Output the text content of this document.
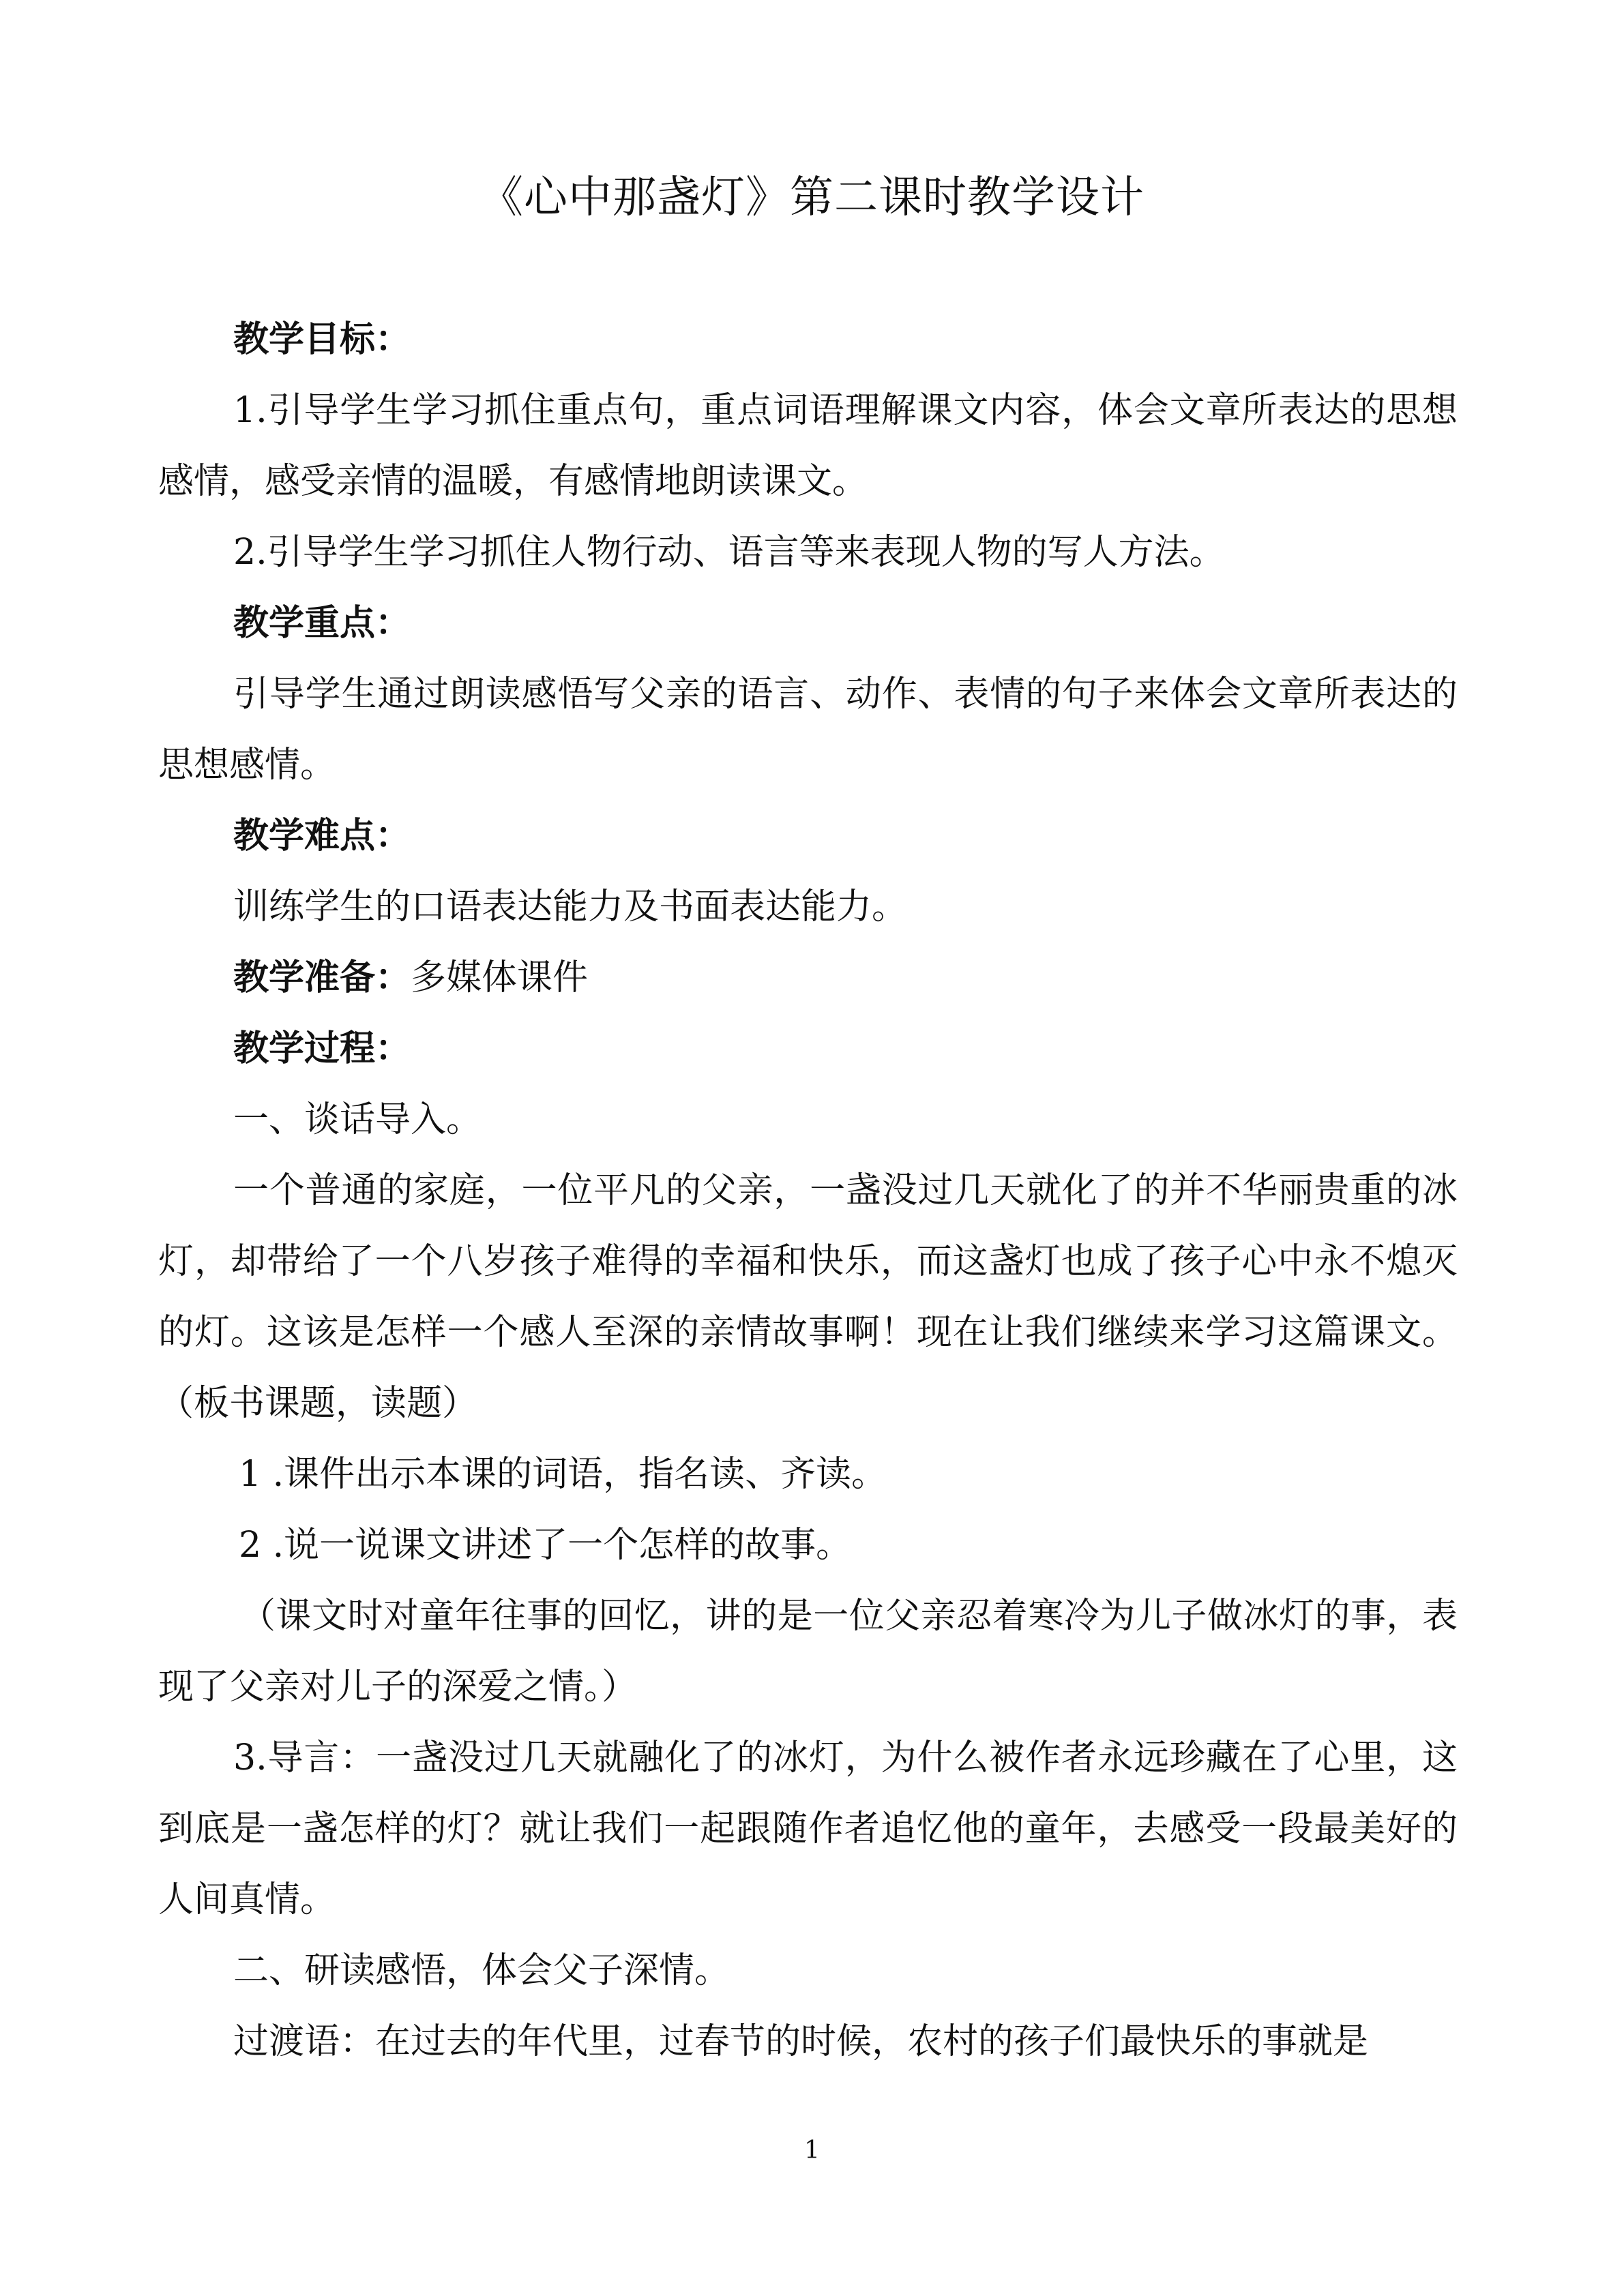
《心中那盏灯》第二课时教学设计

教学目标：

1.引导学生学习抓住重点句，重点词语理解课文内容，体会文章所表达的思想感情，感受亲情的温暖，有感情地朗读课文。

2.引导学生学习抓住人物行动、语言等来表现人物的写人方法。

教学重点：

引导学生通过朗读感悟写父亲的语言、动作、表情的句子来体会文章所表达的思想感情。

教学难点：

训练学生的口语表达能力及书面表达能力。

教学准备：多媒体课件

教学过程：

一、谈话导入。

一个普通的家庭，一位平凡的父亲，一盏没过几天就化了的并不华丽贵重的冰灯，却带给了一个八岁孩子难得的幸福和快乐，而这盏灯也成了孩子心中永不熄灭的灯。这该是怎样一个感人至深的亲情故事啊！现在让我们继续来学习这篇课文。（板书课题，读题）

1 .课件出示本课的词语，指名读、齐读。

2 .说一说课文讲述了一个怎样的故事。

（课文时对童年往事的回忆，讲的是一位父亲忍着寒冷为儿子做冰灯的事，表现了父亲对儿子的深爱之情。）

3.导言：一盏没过几天就融化了的冰灯，为什么被作者永远珍藏在了心里，这到底是一盏怎样的灯？就让我们一起跟随作者追忆他的童年，去感受一段最美好的人间真情。

二、研读感悟，体会父子深情。

过渡语：在过去的年代里，过春节的时候，农村的孩子们最快乐的事就是

1
